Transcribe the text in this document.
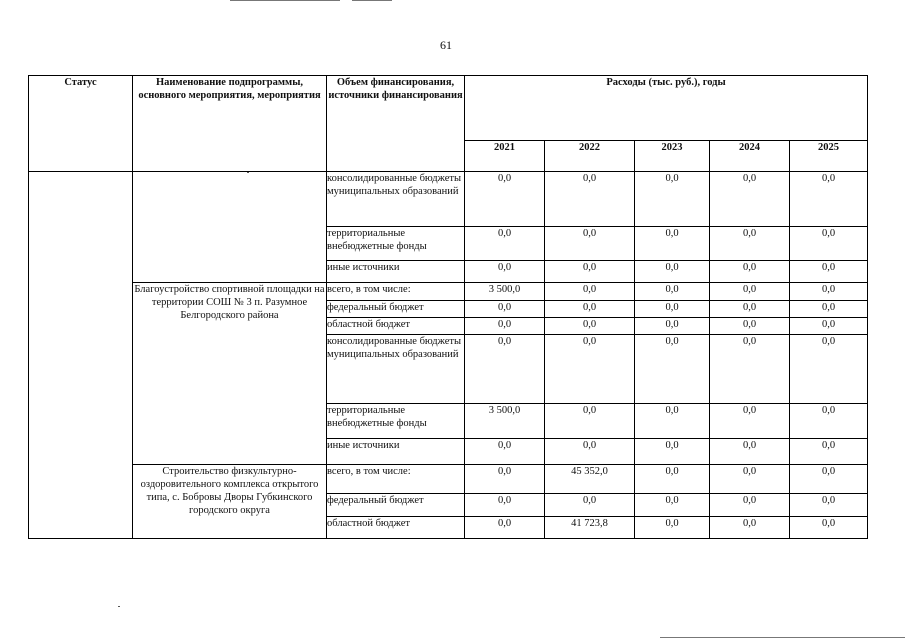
61
Статус	Наименование подпрограммы, основного мероприятия, мероприятия	Объем финансирования, источники финансирования	Расходы (тыс. руб.), годы				
			2021	2022	2023	2024	2025
		консолидированные бюджеты муниципальных образований	0,0	0,0	0,0	0,0	0,0
		территориальные внебюджетные фонды	0,0	0,0	0,0	0,0	0,0
		иные источники	0,0	0,0	0,0	0,0	0,0
	Благоустройство спортивной площадки на территории СОШ № 3 п. Разумное Белгородского района	всего, в том числе:	3 500,0	0,0	0,0	0,0	0,0
		федеральный бюджет	0,0	0,0	0,0	0,0	0,0
		областной бюджет	0,0	0,0	0,0	0,0	0,0
		консолидированные бюджеты муниципальных образований	0,0	0,0	0,0	0,0	0,0
		территориальные внебюджетные фонды	3 500,0	0,0	0,0	0,0	0,0
		иные источники	0,0	0,0	0,0	0,0	0,0
	Строительство физкультурно-оздоровительного комплекса открытого типа, с. Бобровы Дворы Губкинского городского округа	всего, в том числе:	0,0	45 352,0	0,0	0,0	0,0
		федеральный бюджет	0,0	0,0	0,0	0,0	0,0
		областной бюджет	0,0	41 723,8	0,0	0,0	0,0
